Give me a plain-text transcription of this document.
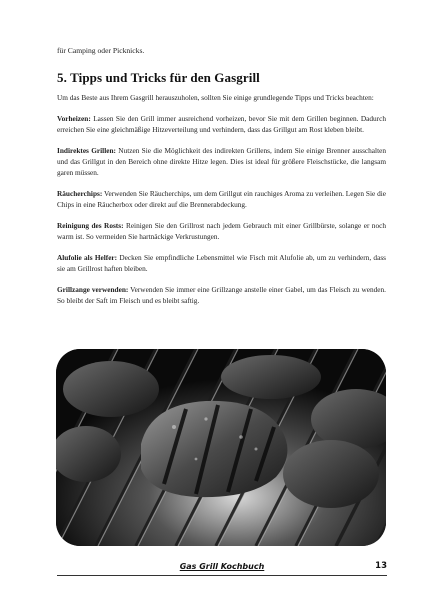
für Camping oder Picknicks.

5. Tipps und Tricks für den Gasgrill

Um das Beste aus Ihrem Gasgrill herauszuholen, sollten Sie einige grundlegende Tipps und Tricks beachten:

Vorheizen: Lassen Sie den Grill immer ausreichend vorheizen, bevor Sie mit dem Grillen beginnen. Dadurch erreichen Sie eine gleichmäßige Hitzeverteilung und verhindern, dass das Grillgut am Rost kleben bleibt.

Indirektes Grillen: Nutzen Sie die Möglichkeit des indirekten Grillens, indem Sie einige Brenner ausschalten und das Grillgut in den Bereich ohne direkte Hitze legen. Dies ist ideal für größere Fleischstücke, die langsam garen müssen.

Räucherchips: Verwenden Sie Räucherchips, um dem Grillgut ein rauchiges Aroma zu verleihen. Legen Sie die Chips in eine Räucherbox oder direkt auf die Brennerabdeckung.

Reinigung des Rosts: Reinigen Sie den Grillrost nach jedem Gebrauch mit einer Grillbürste, solange er noch warm ist. So vermeiden Sie hartnäckige Verkrustungen.

Alufolie als Helfer: Decken Sie empfindliche Lebensmittel wie Fisch mit Alufolie ab, um zu verhindern, dass sie am Grillrost haften bleiben.

Grillzange verwenden: Verwenden Sie immer eine Grillzange anstelle einer Gabel, um das Fleisch zu wenden. So bleibt der Saft im Fleisch und es bleibt saftig.

Gas Grill Kochbuch	13
